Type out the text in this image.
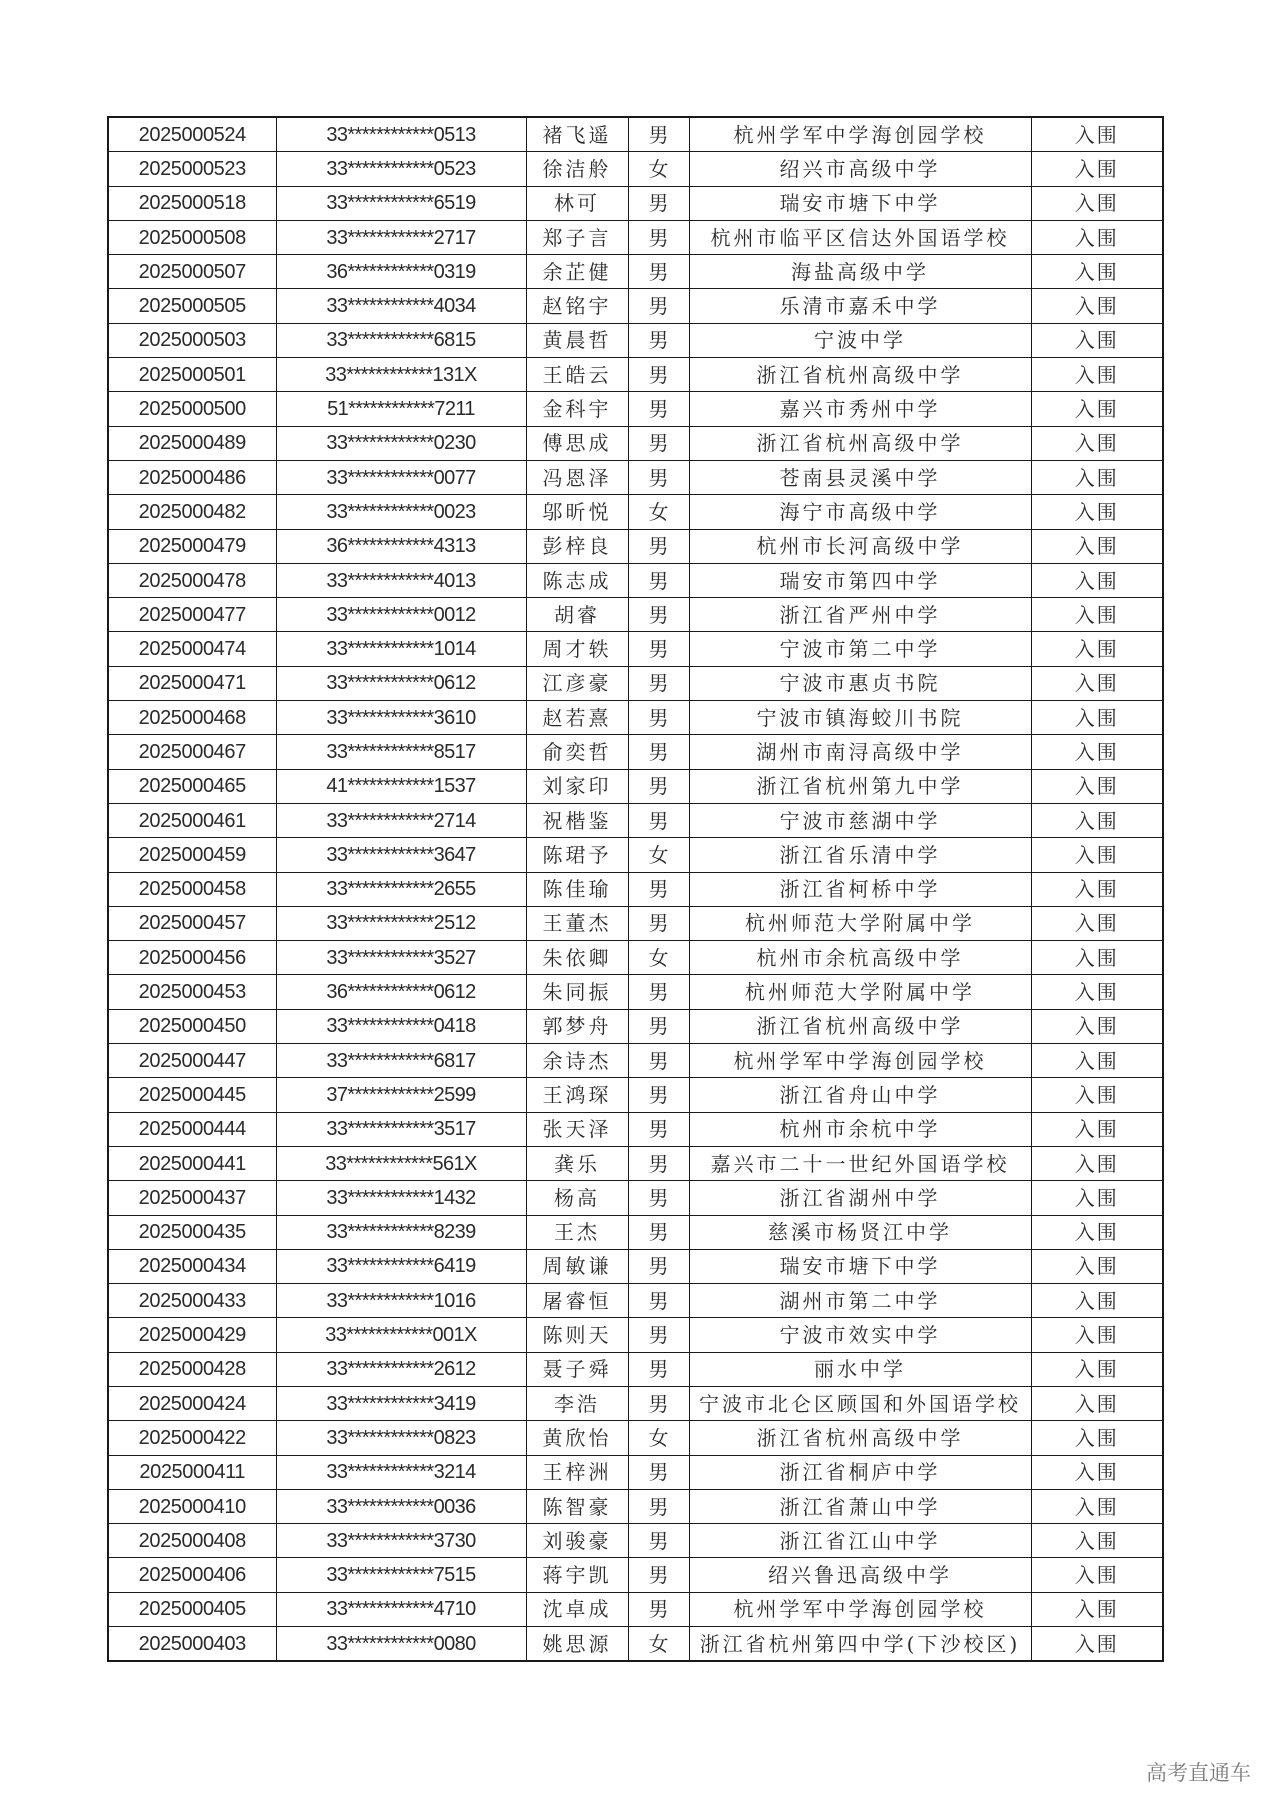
2025000524	33************0513	褚飞遥	男	杭州学军中学海创园学校	入围
2025000523	33************0523	徐洁舲	女	绍兴市高级中学	入围
2025000518	33************6519	林可	男	瑞安市塘下中学	入围
2025000508	33************2717	郑子言	男	杭州市临平区信达外国语学校	入围
2025000507	36************0319	余芷健	男	海盐高级中学	入围
2025000505	33************4034	赵铭宇	男	乐清市嘉禾中学	入围
2025000503	33************6815	黄晨哲	男	宁波中学	入围
2025000501	33************131X	王皓云	男	浙江省杭州高级中学	入围
2025000500	51************7211	金科宇	男	嘉兴市秀州中学	入围
2025000489	33************0230	傅思成	男	浙江省杭州高级中学	入围
2025000486	33************0077	冯恩泽	男	苍南县灵溪中学	入围
2025000482	33************0023	邬昕悦	女	海宁市高级中学	入围
2025000479	36************4313	彭梓良	男	杭州市长河高级中学	入围
2025000478	33************4013	陈志成	男	瑞安市第四中学	入围
2025000477	33************0012	胡睿	男	浙江省严州中学	入围
2025000474	33************1014	周才轶	男	宁波市第二中学	入围
2025000471	33************0612	江彦豪	男	宁波市惠贞书院	入围
2025000468	33************3610	赵若熹	男	宁波市镇海蛟川书院	入围
2025000467	33************8517	俞奕哲	男	湖州市南浔高级中学	入围
2025000465	41************1537	刘家印	男	浙江省杭州第九中学	入围
2025000461	33************2714	祝楷鉴	男	宁波市慈湖中学	入围
2025000459	33************3647	陈珺予	女	浙江省乐清中学	入围
2025000458	33************2655	陈佳瑜	男	浙江省柯桥中学	入围
2025000457	33************2512	王董杰	男	杭州师范大学附属中学	入围
2025000456	33************3527	朱依卿	女	杭州市余杭高级中学	入围
2025000453	36************0612	朱同振	男	杭州师范大学附属中学	入围
2025000450	33************0418	郭梦舟	男	浙江省杭州高级中学	入围
2025000447	33************6817	余诗杰	男	杭州学军中学海创园学校	入围
2025000445	37************2599	王鸿琛	男	浙江省舟山中学	入围
2025000444	33************3517	张天泽	男	杭州市余杭中学	入围
2025000441	33************561X	龚乐	男	嘉兴市二十一世纪外国语学校	入围
2025000437	33************1432	杨高	男	浙江省湖州中学	入围
2025000435	33************8239	王杰	男	慈溪市杨贤江中学	入围
2025000434	33************6419	周敏谦	男	瑞安市塘下中学	入围
2025000433	33************1016	屠睿恒	男	湖州市第二中学	入围
2025000429	33************001X	陈则天	男	宁波市效实中学	入围
2025000428	33************2612	聂子舜	男	丽水中学	入围
2025000424	33************3419	李浩	男	宁波市北仑区顾国和外国语学校	入围
2025000422	33************0823	黄欣怡	女	浙江省杭州高级中学	入围
2025000411	33************3214	王梓洲	男	浙江省桐庐中学	入围
2025000410	33************0036	陈智豪	男	浙江省萧山中学	入围
2025000408	33************3730	刘骏豪	男	浙江省江山中学	入围
2025000406	33************7515	蒋宇凯	男	绍兴鲁迅高级中学	入围
2025000405	33************4710	沈卓成	男	杭州学军中学海创园学校	入围
2025000403	33************0080	姚思源	女	浙江省杭州第四中学(下沙校区)	入围
高考直通车
